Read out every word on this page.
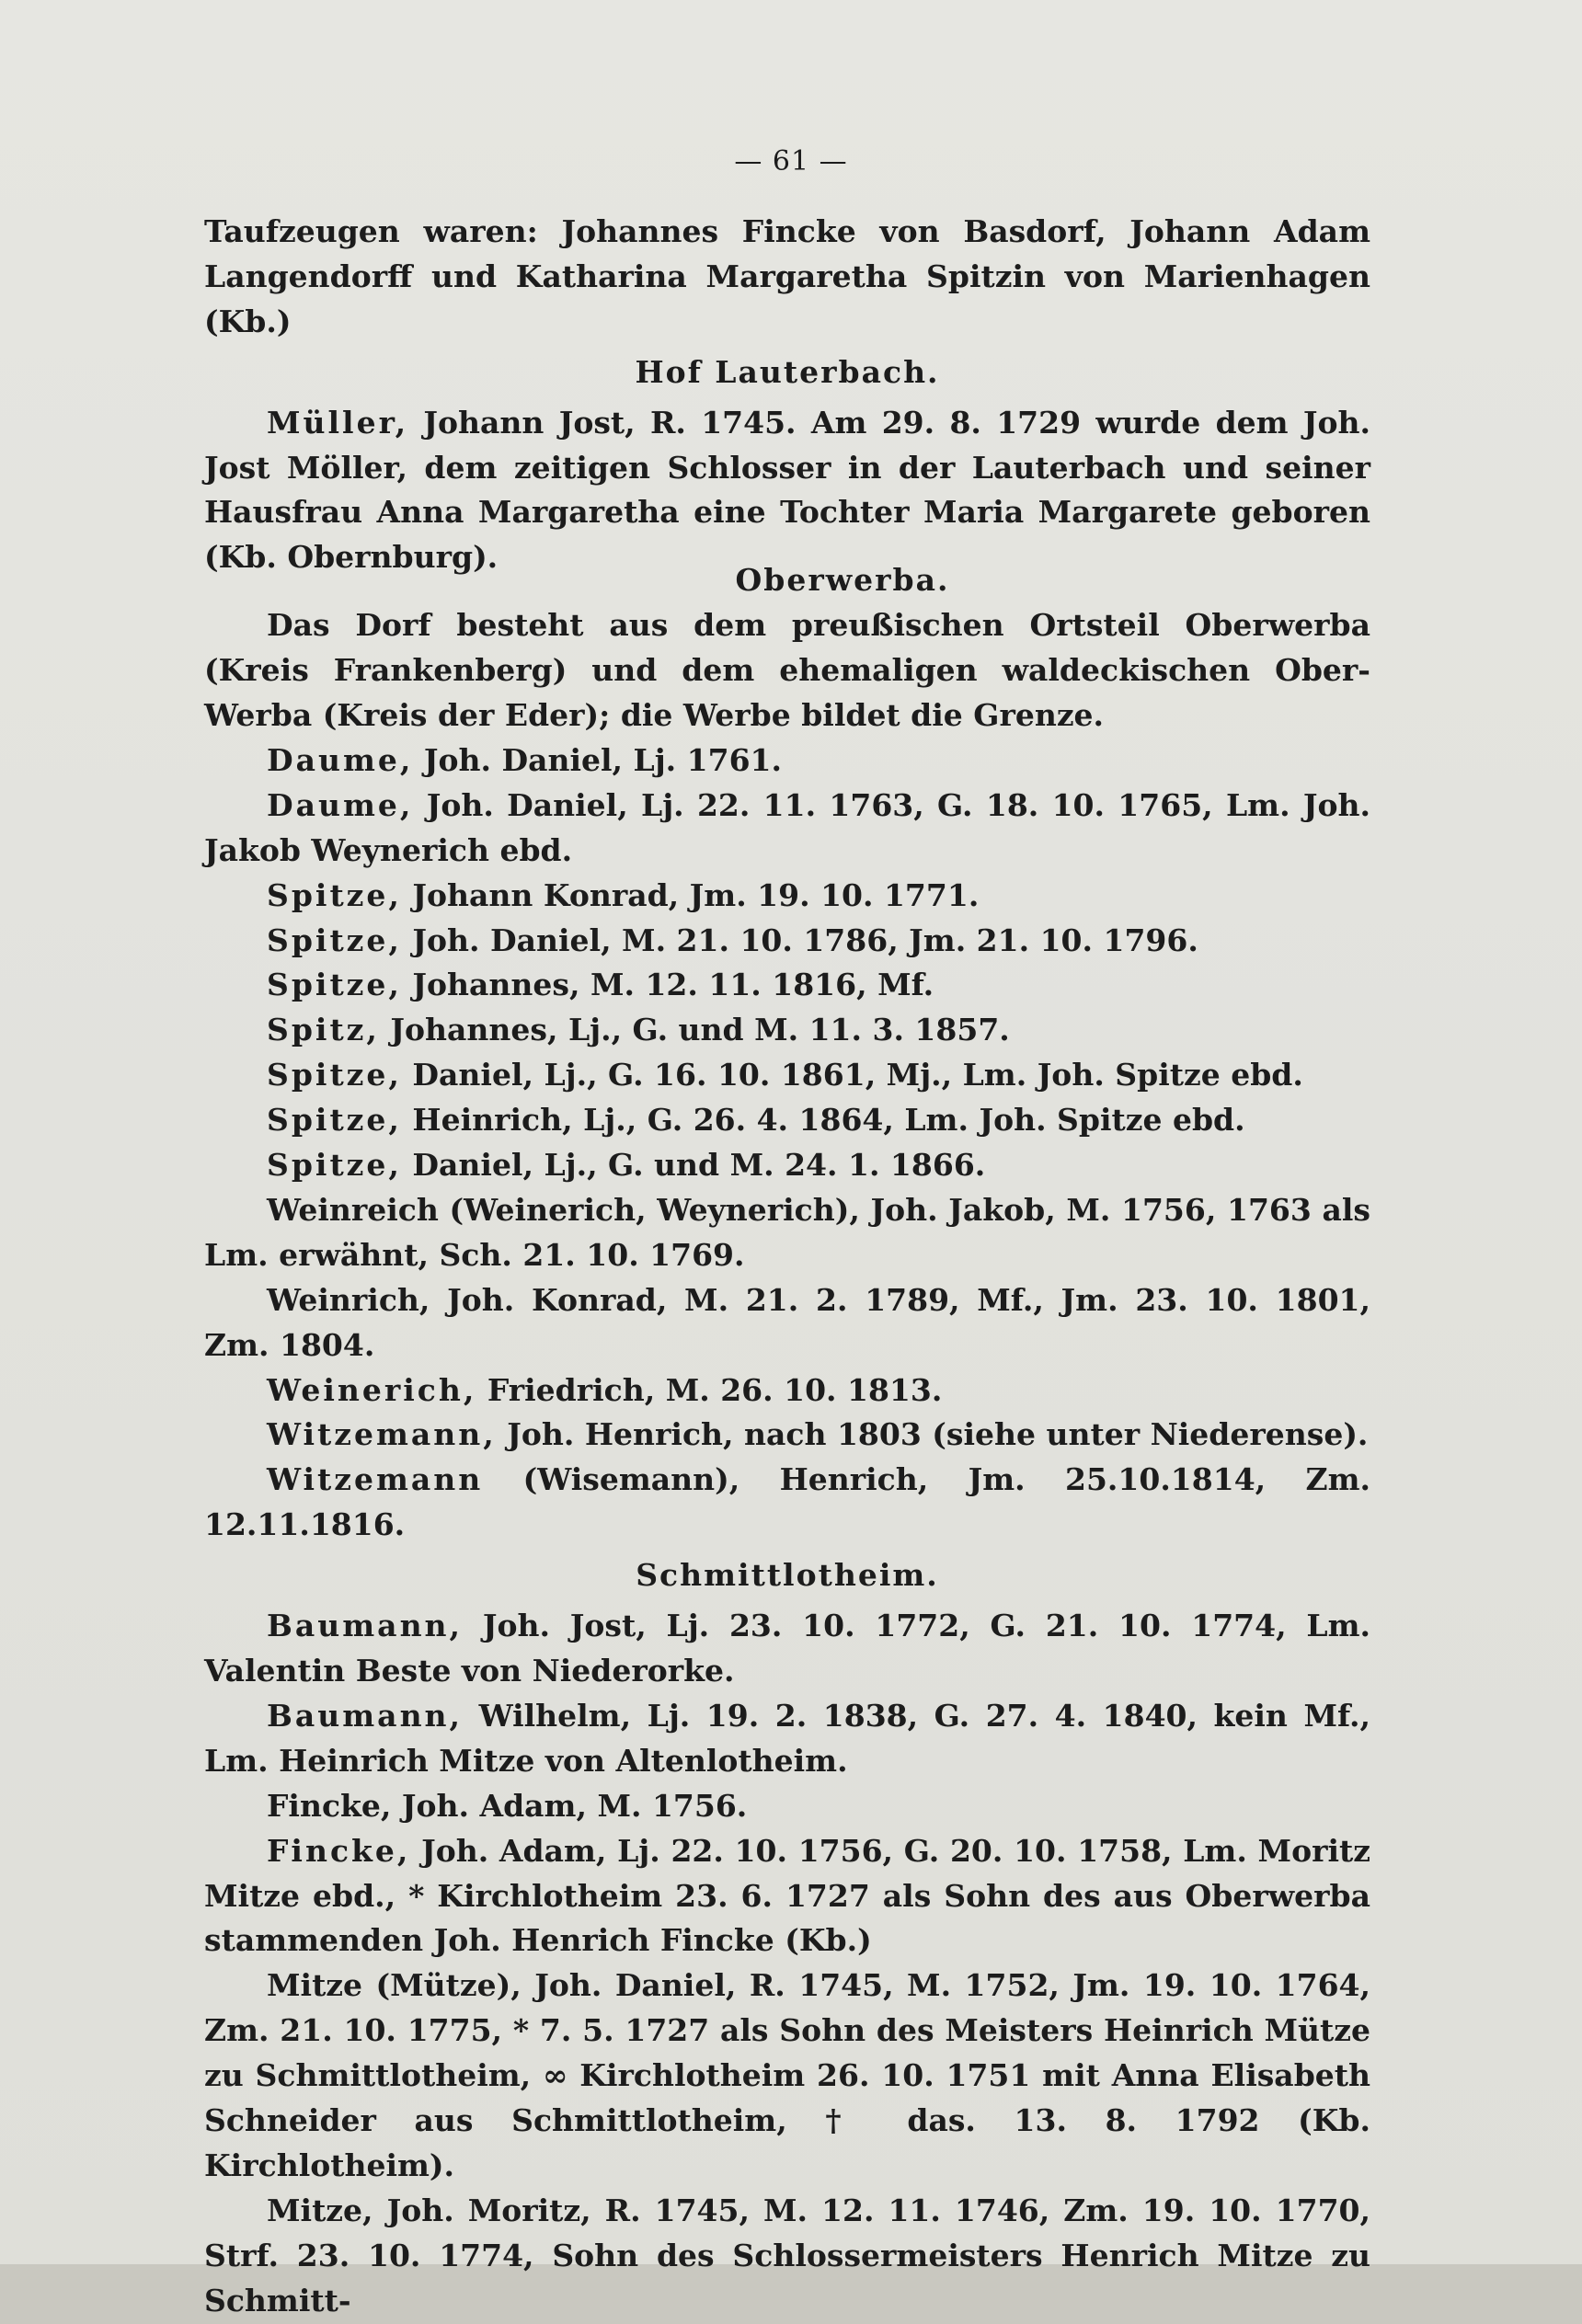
— 61 —

Taufzeugen waren: Johannes Fincke von Basdorf, Johann Adam Langendorff und Katharina Margaretha Spitzin von Marienhagen (Kb.)

Hof Lauterbach.

Müller, Johann Jost, R. 1745. Am 29. 8. 1729 wurde dem Joh. Jost Möller, dem zeitigen Schlosser in der Lauterbach und seiner Hausfrau Anna Margaretha eine Tochter Maria Margarete geboren (Kb. Obernburg).

Oberwerba.

Das Dorf besteht aus dem preußischen Ortsteil Oberwerba (Kreis Frankenberg) und dem ehemaligen waldeckischen Ober-Werba (Kreis der Eder); die Werbe bildet die Grenze.

Daume, Joh. Daniel, Lj. 1761.

Daume, Joh. Daniel, Lj. 22. 11. 1763, G. 18. 10. 1765, Lm. Joh. Jakob Weynerich ebd.

Spitze, Johann Konrad, Jm. 19. 10. 1771.

Spitze, Joh. Daniel, M. 21. 10. 1786, Jm. 21. 10. 1796.

Spitze, Johannes, M. 12. 11. 1816, Mf.

Spitz, Johannes, Lj., G. und M. 11. 3. 1857.

Spitze, Daniel, Lj., G. 16. 10. 1861, Mj., Lm. Joh. Spitze ebd.

Spitze, Heinrich, Lj., G. 26. 4. 1864, Lm. Joh. Spitze ebd.

Spitze, Daniel, Lj., G. und M. 24. 1. 1866.

Weinreich (Weinerich, Weynerich), Joh. Jakob, M. 1756, 1763 als Lm. erwähnt, Sch. 21. 10. 1769.

Weinrich, Joh. Konrad, M. 21. 2. 1789, Mf., Jm. 23. 10. 1801, Zm. 1804.

Weinerich, Friedrich, M. 26. 10. 1813.

Witzemann, Joh. Henrich, nach 1803 (siehe unter Niederense).

Witzemann (Wisemann), Henrich, Jm. 25.10.1814, Zm. 12.11.1816.

Schmittlotheim.

Baumann, Joh. Jost, Lj. 23. 10. 1772, G. 21. 10. 1774, Lm. Valentin Beste von Niederorke.

Baumann, Wilhelm, Lj. 19. 2. 1838, G. 27. 4. 1840, kein Mf., Lm. Heinrich Mitze von Altenlotheim.

Fincke, Joh. Adam, M. 1756.

Fincke, Joh. Adam, Lj. 22. 10. 1756, G. 20. 10. 1758, Lm. Moritz Mitze ebd., * Kirchlotheim 23. 6. 1727 als Sohn des aus Oberwerba stammenden Joh. Henrich Fincke (Kb.)

Mitze (Mütze), Joh. Daniel, R. 1745, M. 1752, Jm. 19. 10. 1764, Zm. 21. 10. 1775, * 7. 5. 1727 als Sohn des Meisters Heinrich Mütze zu Schmittlotheim, ∞ Kirchlotheim 26. 10. 1751 mit Anna Elisabeth Schneider aus Schmittlotheim, † das. 13. 8. 1792 (Kb. Kirchlotheim).

Mitze, Joh. Moritz, R. 1745, M. 12. 11. 1746, Zm. 19. 10. 1770, Strf. 23. 10. 1774, Sohn des Schlossermeisters Henrich Mitze zu Schmitt-
